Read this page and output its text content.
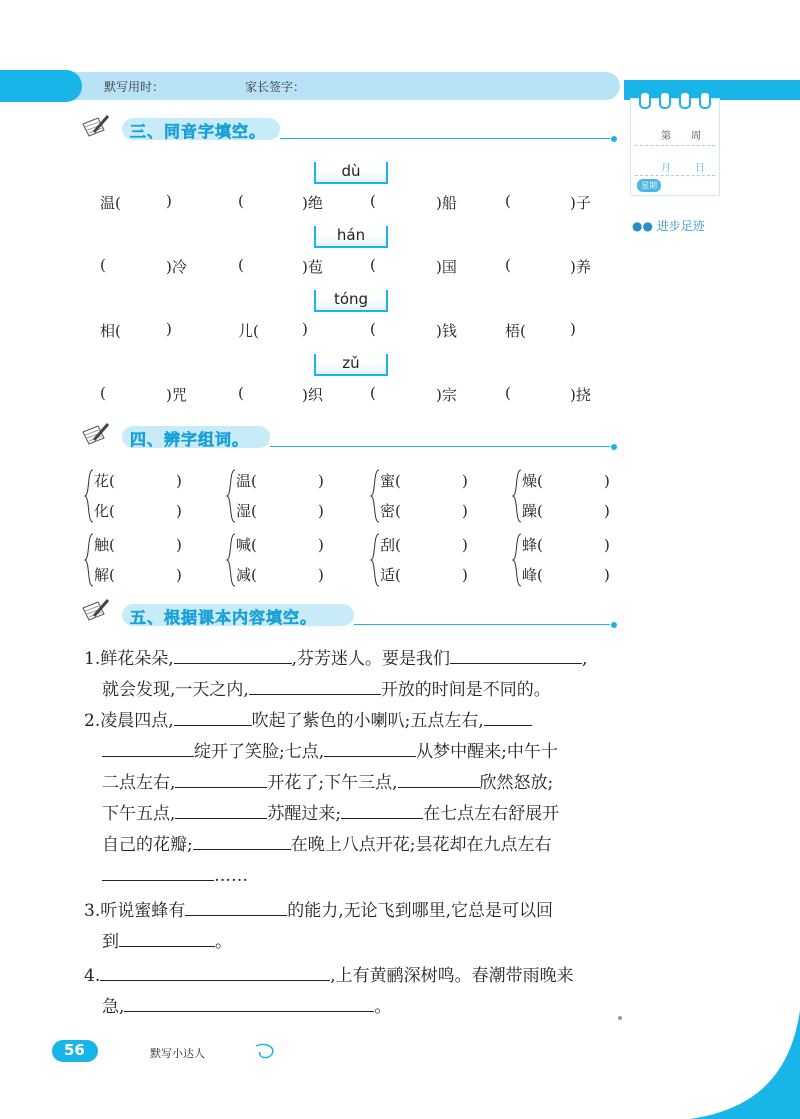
默写用时：	家长签字：
第 周
月 日
星期
●● 进步足迹
三、同音字填空。
dù
温(	)	(	)绝	(	)船	(	)子
hán
(	)冷	(	)苞	(	)国	(	)养
tóng
相(	)	儿(	)	(	)钱	梧(	)
zǔ
(	)咒	(	)织	(	)宗	(	)挠
四、辨字组词。
花(	)
化(	)
温(	)
湿(	)
蜜(	)
密(	)
燥(	)
躁(	)
触(	)
解(	)
喊(	)
减(	)
刮(	)
适(	)
蜂(	)
峰(	)
五、根据课本内容填空。
1.鲜花朵朵,	,芬芳迷人。要是我们	,
就会发现,一天之内,	开放的时间是不同的。
2.凌晨四点,	吹起了紫色的小喇叭;五点左右,
绽开了笑脸;七点,	从梦中醒来;中午十
二点左右,	开花了;下午三点,	欣然怒放;
下午五点,	苏醒过来;	在七点左右舒展开
自己的花瓣;	在晚上八点开花;昙花却在九点左右
……
3.听说蜜蜂有	的能力,无论飞到哪里,它总是可以回
到	。
4.	,上有黄鹂深树鸣。春潮带雨晚来
急,	。
56	默写小达人
